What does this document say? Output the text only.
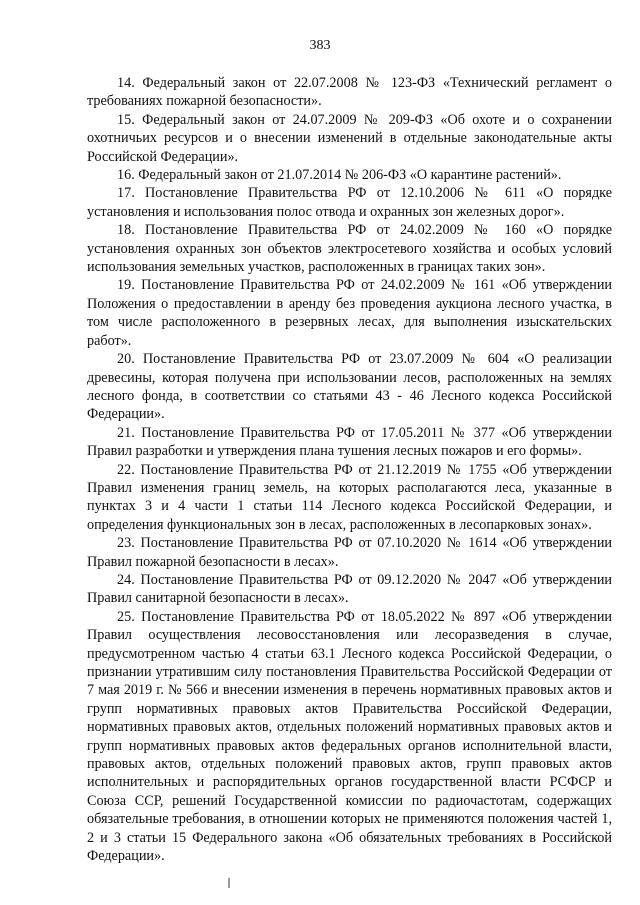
383

14. Федеральный закон от 22.07.2008 № 123-ФЗ «Технический регламент о требованиях пожарной безопасности».

15. Федеральный закон от 24.07.2009 № 209-ФЗ «Об охоте и о сохранении охотничьих ресурсов и о внесении изменений в отдельные законодательные акты Российской Федерации».

16. Федеральный закон от 21.07.2014 № 206-ФЗ «О карантине растений».

17. Постановление Правительства РФ от 12.10.2006 № 611 «О порядке установления и использования полос отвода и охранных зон железных дорог».

18. Постановление Правительства РФ от 24.02.2009 № 160 «О порядке установления охранных зон объектов электросетевого хозяйства и особых условий использования земельных участков, расположенных в границах таких зон».

19. Постановление Правительства РФ от 24.02.2009 № 161 «Об утверждении Положения о предоставлении в аренду без проведения аукциона лесного участка, в том числе расположенного в резервных лесах, для выполнения изыскательских работ».

20. Постановление Правительства РФ от 23.07.2009 № 604 «О реализации древесины, которая получена при использовании лесов, расположенных на землях лесного фонда, в соответствии со статьями 43 - 46 Лесного кодекса Российской Федерации».

21. Постановление Правительства РФ от 17.05.2011 № 377 «Об утверждении Правил разработки и утверждения плана тушения лесных пожаров и его формы».

22. Постановление Правительства РФ от 21.12.2019 № 1755 «Об утверждении Правил изменения границ земель, на которых располагаются леса, указанные в пунктах 3 и 4 части 1 статьи 114 Лесного кодекса Российской Федерации, и определения функциональных зон в лесах, расположенных в лесопарковых зонах».

23. Постановление Правительства РФ от 07.10.2020 № 1614 «Об утверждении Правил пожарной безопасности в лесах».

24. Постановление Правительства РФ от 09.12.2020 № 2047 «Об утверждении Правил санитарной безопасности в лесах».

25. Постановление Правительства РФ от 18.05.2022 № 897 «Об утверждении Правил осуществления лесовосстановления или лесоразведения в случае, предусмотренном частью 4 статьи 63.1 Лесного кодекса Российской Федерации, о признании утратившим силу постановления Правительства Российской Федерации от 7 мая 2019 г. № 566 и внесении изменения в перечень нормативных правовых актов и групп нормативных правовых актов Правительства Российской Федерации, нормативных правовых актов, отдельных положений нормативных правовых актов и групп нормативных правовых актов федеральных органов исполнительной власти, правовых актов, отдельных положений правовых актов, групп правовых актов исполнительных и распорядительных органов государственной власти РСФСР и Союза ССР, решений Государственной комиссии по радиочастотам, содержащих обязательные требования, в отношении которых не применяются положения частей 1, 2 и 3 статьи 15 Федерального закона «Об обязательных требованиях в Российской Федерации».
